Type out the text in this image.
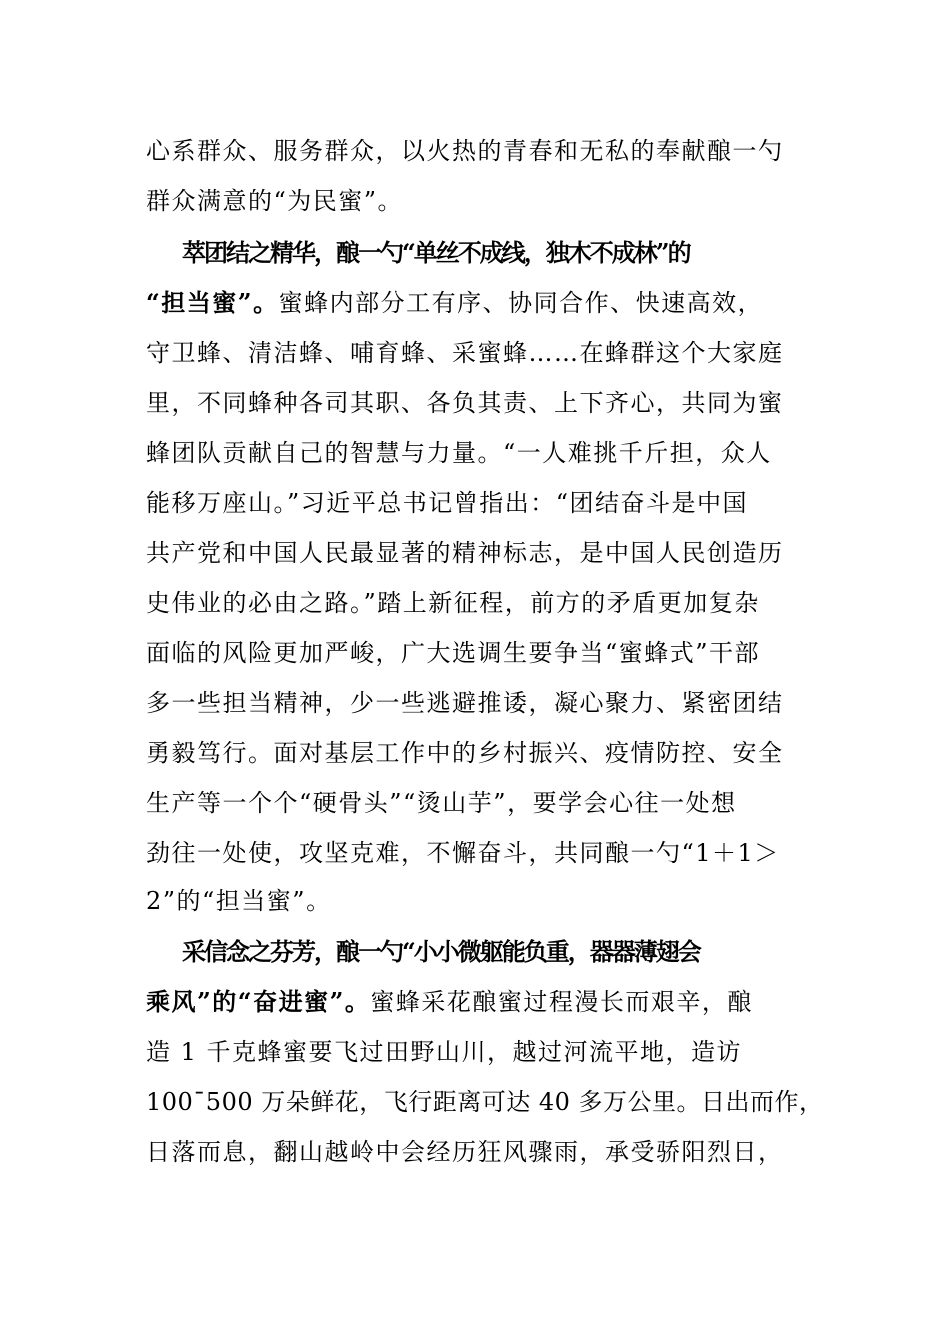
心系群众、服务群众，以火热的青春和无私的奉献酿一勺
群众满意的“为民蜜”。
萃团结之精华，酿一勺“单丝不成线，独木不成林”的
“担当蜜”。蜜蜂内部分工有序、协同合作、快速高效，
守卫蜂、清洁蜂、哺育蜂、采蜜蜂……在蜂群这个大家庭
里，不同蜂种各司其职、各负其责、上下齐心，共同为蜜
蜂团队贡献自己的智慧与力量。“一人难挑千斤担，众人
能移万座山。”习近平总书记曾指出：“团结奋斗是中国
共产党和中国人民最显著的精神标志，是中国人民创造历
史伟业的必由之路。”踏上新征程，前方的矛盾更加复杂
面临的风险更加严峻，广大选调生要争当“蜜蜂式”干部
多一些担当精神，少一些逃避推诿，凝心聚力、紧密团结
勇毅笃行。面对基层工作中的乡村振兴、疫情防控、安全
生产等一个个“硬骨头”“烫山芋”，要学会心往一处想
劲往一处使，攻坚克难，不懈奋斗，共同酿一勺“1＋1＞
2”的“担当蜜”。
采信念之芬芳，酿一勺“小小微躯能负重，器器薄翅会
乘风”的“奋进蜜”。蜜蜂采花酿蜜过程漫长而艰辛，酿
造 1 千克蜂蜜要飞过田野山川，越过河流平地，造访
100¯500 万朵鲜花，飞行距离可达 40 多万公里。日出而作，
日落而息，翻山越岭中会经历狂风骤雨，承受骄阳烈日，
